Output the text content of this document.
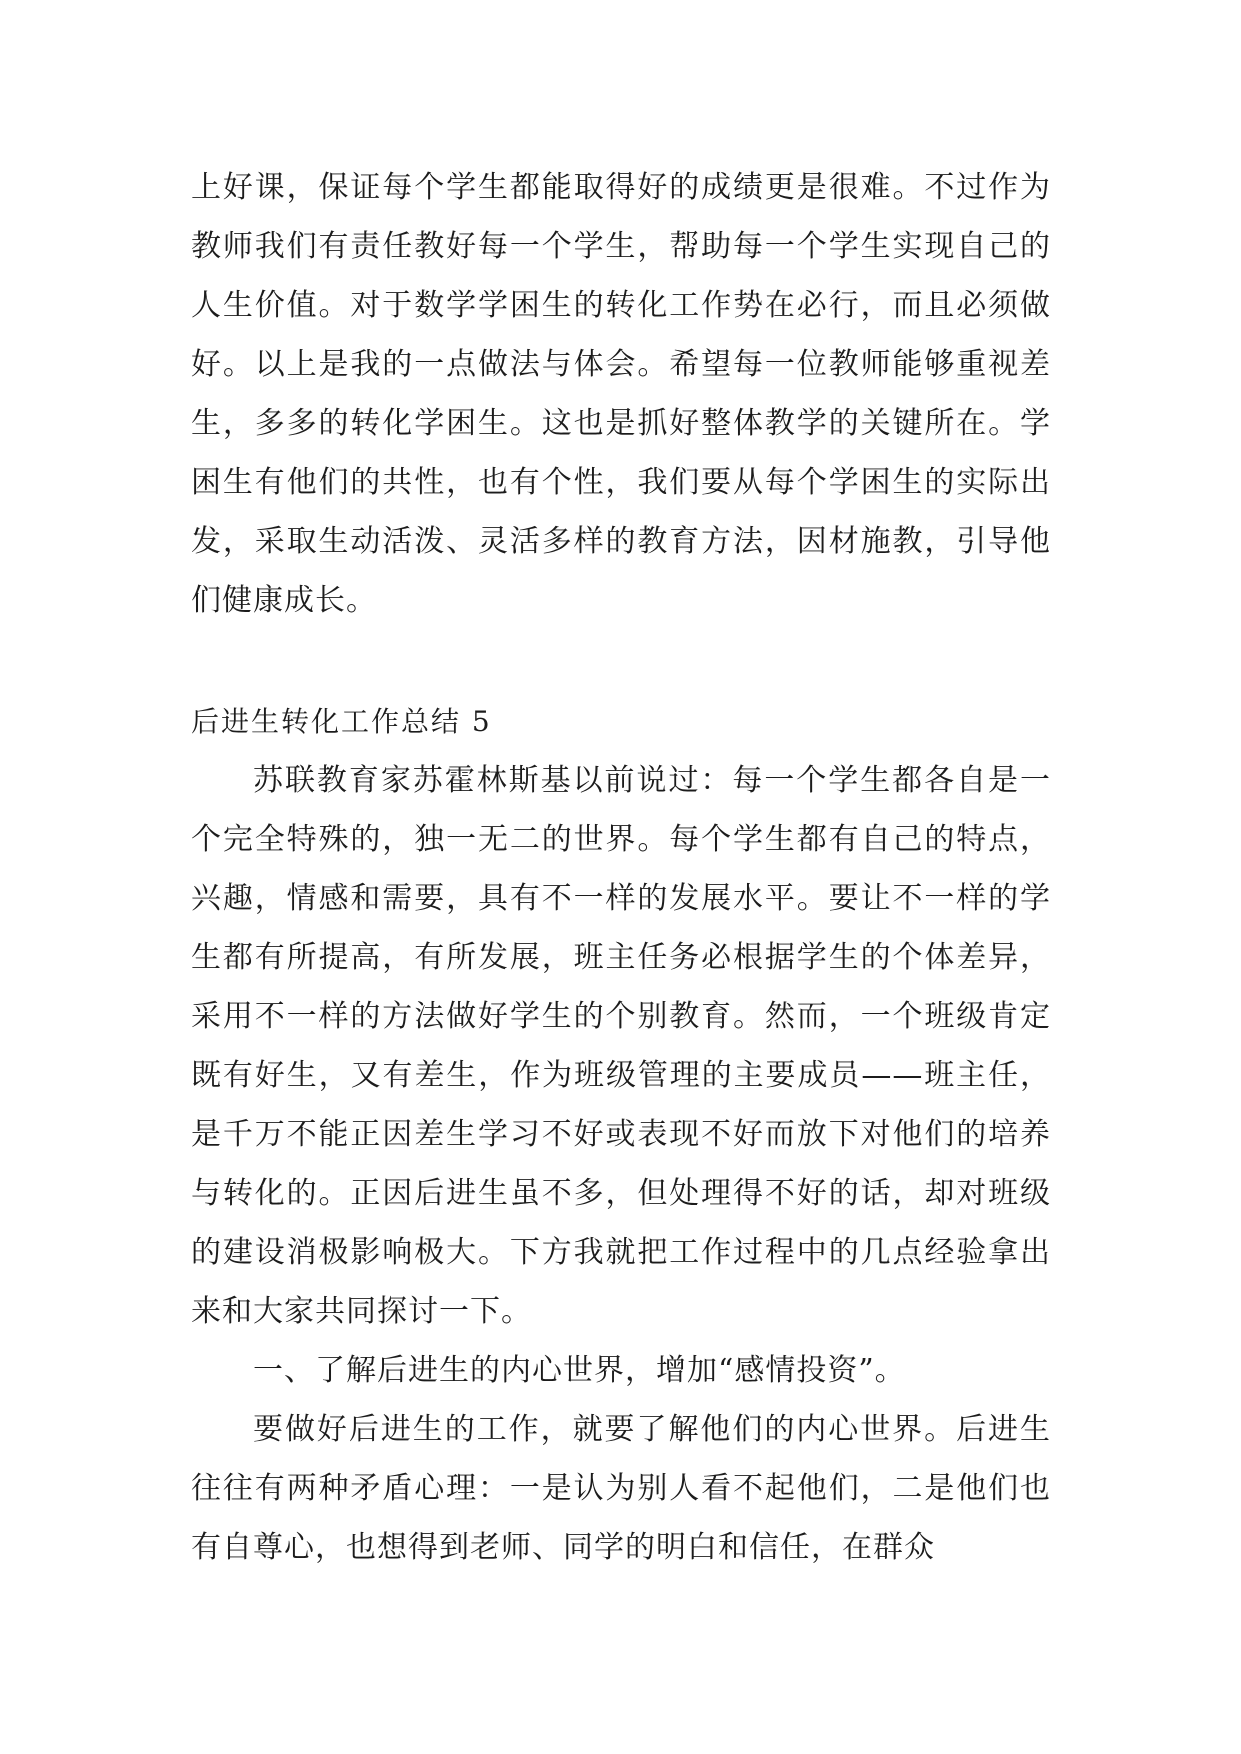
上好课，保证每个学生都能取得好的成绩更是很难。不过作为教师我们有责任教好每一个学生，帮助每一个学生实现自己的人生价值。对于数学学困生的转化工作势在必行，而且必须做好。以上是我的一点做法与体会。希望每一位教师能够重视差生，多多的转化学困生。这也是抓好整体教学的关键所在。学困生有他们的共性，也有个性，我们要从每个学困生的实际出发，采取生动活泼、灵活多样的教育方法，因材施教，引导他们健康成长。

后进生转化工作总结 5

苏联教育家苏霍林斯基以前说过：每一个学生都各自是一个完全特殊的，独一无二的世界。每个学生都有自己的特点，兴趣，情感和需要，具有不一样的发展水平。要让不一样的学生都有所提高，有所发展，班主任务必根据学生的个体差异，采用不一样的方法做好学生的个别教育。然而，一个班级肯定既有好生，又有差生，作为班级管理的主要成员——班主任，是千万不能正因差生学习不好或表现不好而放下对他们的培养与转化的。正因后进生虽不多，但处理得不好的话，却对班级的建设消极影响极大。下方我就把工作过程中的几点经验拿出来和大家共同探讨一下。

一、了解后进生的内心世界，增加“感情投资”。

要做好后进生的工作，就要了解他们的内心世界。后进生往往有两种矛盾心理：一是认为别人看不起他们，二是他们也有自尊心，也想得到老师、同学的明白和信任，在群众
